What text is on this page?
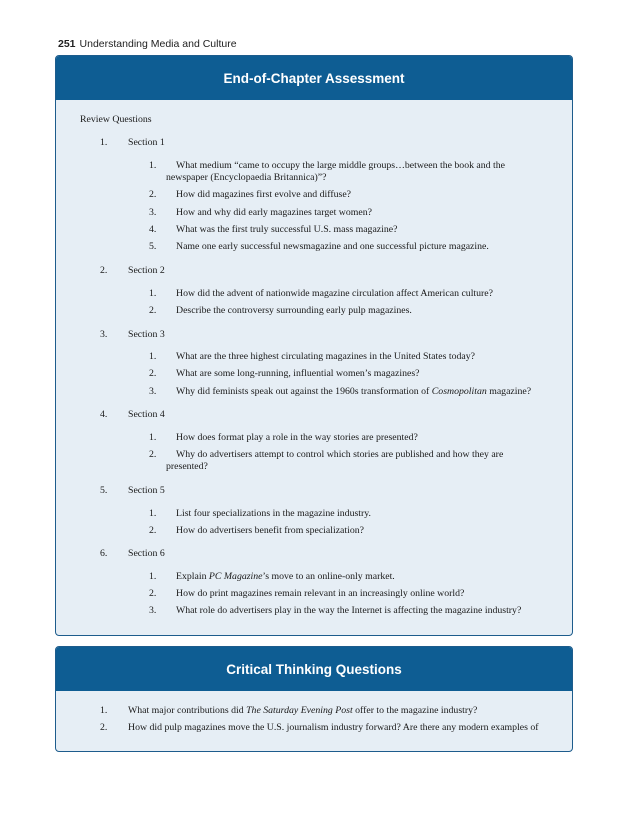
251 Understanding Media and Culture
End-of-Chapter Assessment
Review Questions
1. Section 1
1. What medium “came to occupy the large middle groups…between the book and the
newspaper (Encyclopaedia Britannica)”?
2. How did magazines first evolve and diffuse?
3. How and why did early magazines target women?
4. What was the first truly successful U.S. mass magazine?
5. Name one early successful newsmagazine and one successful picture magazine.
2. Section 2
1. How did the advent of nationwide magazine circulation affect American culture?
2. Describe the controversy surrounding early pulp magazines.
3. Section 3
1. What are the three highest circulating magazines in the United States today?
2. What are some long-running, influential women’s magazines?
3. Why did feminists speak out against the 1960s transformation of Cosmopolitan magazine?
4. Section 4
1. How does format play a role in the way stories are presented?
2. Why do advertisers attempt to control which stories are published and how they are
presented?
5. Section 5
1. List four specializations in the magazine industry.
2. How do advertisers benefit from specialization?
6. Section 6
1. Explain PC Magazine’s move to an online-only market.
2. How do print magazines remain relevant in an increasingly online world?
3. What role do advertisers play in the way the Internet is affecting the magazine industry?
Critical Thinking Questions
1. What major contributions did The Saturday Evening Post offer to the magazine industry?
2. How did pulp magazines move the U.S. journalism industry forward? Are there any modern examples of
